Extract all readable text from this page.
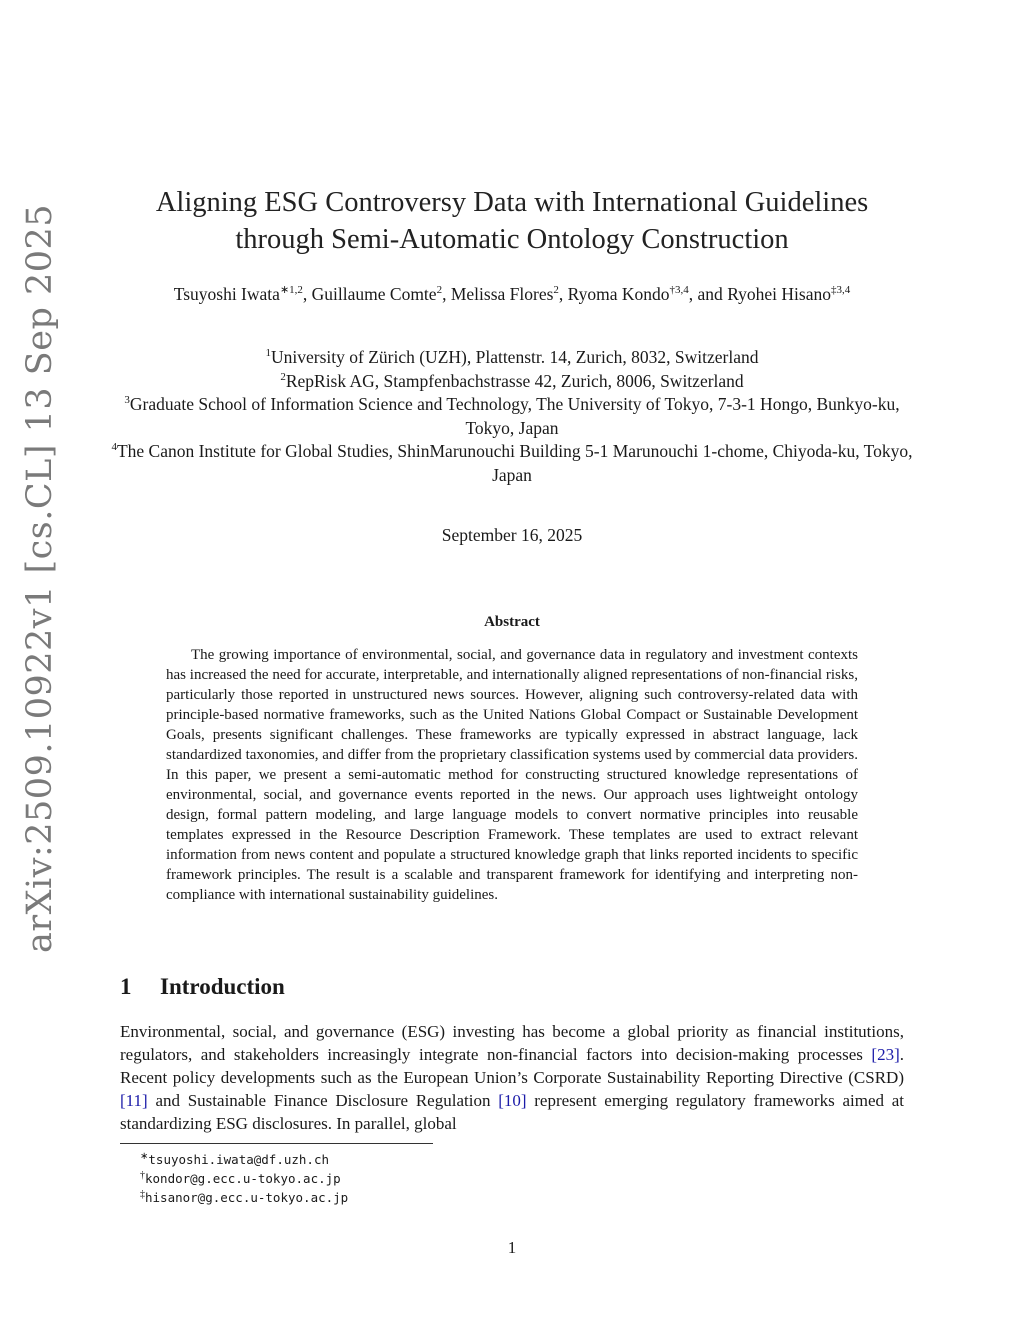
arXiv:2509.10922v1 [cs.CL] 13 Sep 2025
Aligning ESG Controversy Data with International Guidelines
through Semi-Automatic Ontology Construction
Tsuyoshi Iwata$^{∗1,2}$, Guillaume Comte$^2$, Melissa Flores$^2$, Ryoma Kondo$^{\dagger 3,4}$, and Ryohei Hisano$^{\ddagger 3,4}$
$^1$University of Zürich (UZH), Plattenstr. 14, Zurich, 8032, Switzerland
$^2$RepRisk AG, Stampfenbachstrasse 42, Zurich, 8006, Switzerland
$^3$Graduate School of Information Science and Technology, The University of Tokyo, 7-3-1 Hongo, Bunkyo-ku, Tokyo, Japan
$^4$The Canon Institute for Global Studies, ShinMarunouchi Building 5-1 Marunouchi 1-chome, Chiyoda-ku, Tokyo, Japan
September 16, 2025
Abstract

The growing importance of environmental, social, and governance data in regulatory and investment contexts has increased the need for accurate, interpretable, and internationally aligned representations of non-financial risks, particularly those reported in unstructured news sources. However, aligning such controversy-related data with principle-based normative frameworks, such as the United Nations Global Compact or Sustainable Development Goals, presents significant challenges. These frameworks are typically expressed in abstract language, lack standardized taxonomies, and differ from the proprietary classification systems used by commercial data providers. In this paper, we present a semi-automatic method for constructing structured knowledge representations of environmental, social, and governance events reported in the news. Our approach uses lightweight ontology design, formal pattern modeling, and large language models to convert normative principles into reusable templates expressed in the Resource Description Framework. These templates are used to extract relevant information from news content and populate a structured knowledge graph that links reported incidents to specific framework principles. The result is a scalable and transparent framework for identifying and interpreting non-compliance with international sustainability guidelines.

1 Introduction

Environmental, social, and governance (ESG) investing has become a global priority as financial institutions, regulators, and stakeholders increasingly integrate non-financial factors into decision-making processes [23]. Recent policy developments such as the European Union’s Corporate Sustainability Reporting Directive (CSRD) [11] and Sustainable Finance Disclosure Regulation [10] represent emerging regulatory frameworks aimed at standardizing ESG disclosures. In parallel, global

∗tsuyoshi.iwata@df.uzh.ch
†kondor@g.ecc.u-tokyo.ac.jp
‡hisanor@g.ecc.u-tokyo.ac.jp
1
